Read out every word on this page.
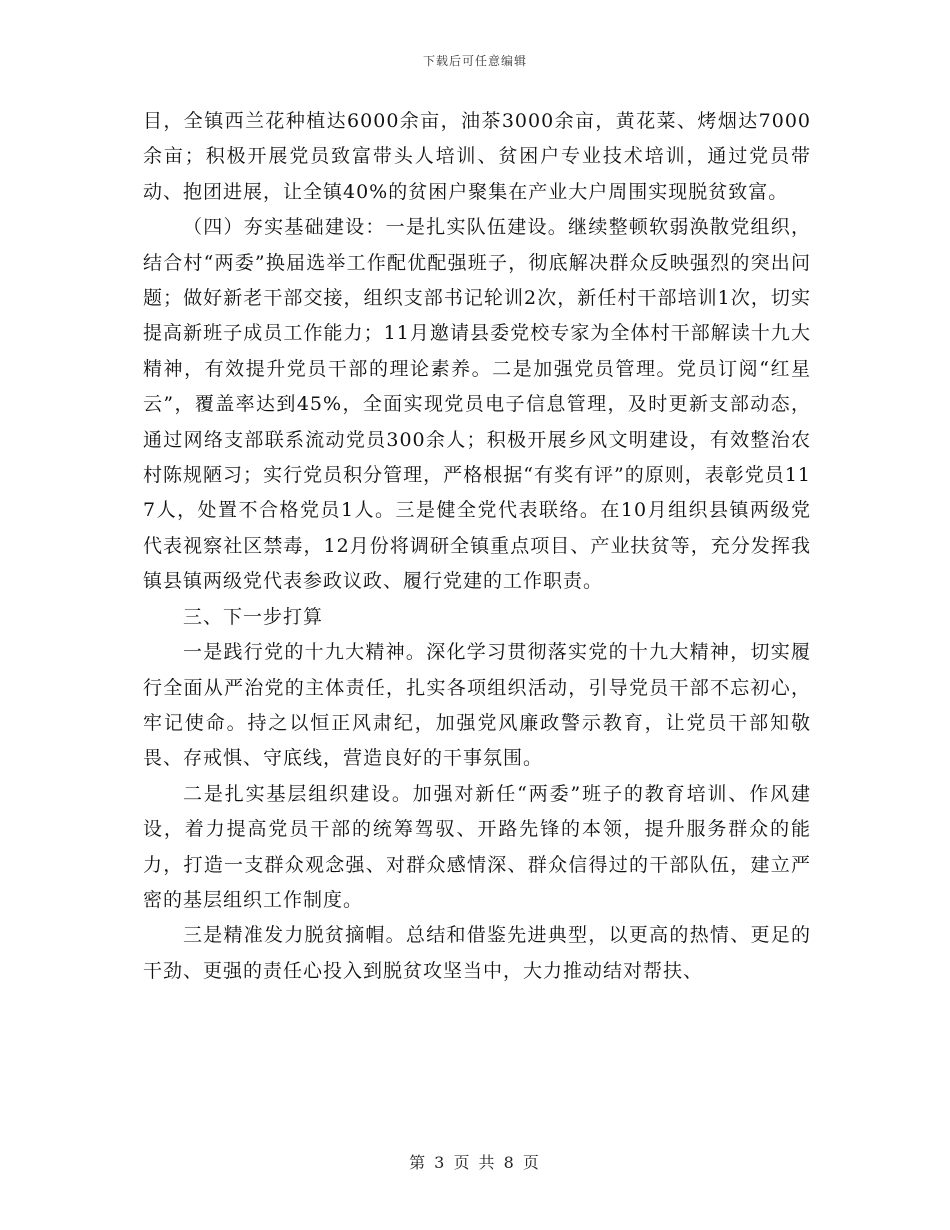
下载后可任意编辑

目，全镇西兰花种植达6000余亩，油茶3000余亩，黄花菜、烤烟达7000余亩；积极开展党员致富带头人培训、贫困户专业技术培训，通过党员带动、抱团进展，让全镇40%的贫困户聚集在产业大户周围实现脱贫致富。

（四）夯实基础建设：一是扎实队伍建设。继续整顿软弱涣散党组织，结合村“两委”换届选举工作配优配强班子，彻底解决群众反映强烈的突出问题；做好新老干部交接，组织支部书记轮训2次，新任村干部培训1次，切实提高新班子成员工作能力；11月邀请县委党校专家为全体村干部解读十九大精神，有效提升党员干部的理论素养。二是加强党员管理。党员订阅“红星云”，覆盖率达到45%，全面实现党员电子信息管理，及时更新支部动态，通过网络支部联系流动党员300余人；积极开展乡风文明建设，有效整治农村陈规陋习；实行党员积分管理，严格根据“有奖有评”的原则，表彰党员117人，处置不合格党员1人。三是健全党代表联络。在10月组织县镇两级党代表视察社区禁毒，12月份将调研全镇重点项目、产业扶贫等，充分发挥我镇县镇两级党代表参政议政、履行党建的工作职责。

三、下一步打算

一是践行党的十九大精神。深化学习贯彻落实党的十九大精神，切实履行全面从严治党的主体责任，扎实各项组织活动，引导党员干部不忘初心，牢记使命。持之以恒正风肃纪，加强党风廉政警示教育，让党员干部知敬畏、存戒惧、守底线，营造良好的干事氛围。

二是扎实基层组织建设。加强对新任“两委”班子的教育培训、作风建设，着力提高党员干部的统筹驾驭、开路先锋的本领，提升服务群众的能力，打造一支群众观念强、对群众感情深、群众信得过的干部队伍，建立严密的基层组织工作制度。

三是精准发力脱贫摘帽。总结和借鉴先进典型，以更高的热情、更足的干劲、更强的责任心投入到脱贫攻坚当中，大力推动结对帮扶、

第 3 页 共 8 页
